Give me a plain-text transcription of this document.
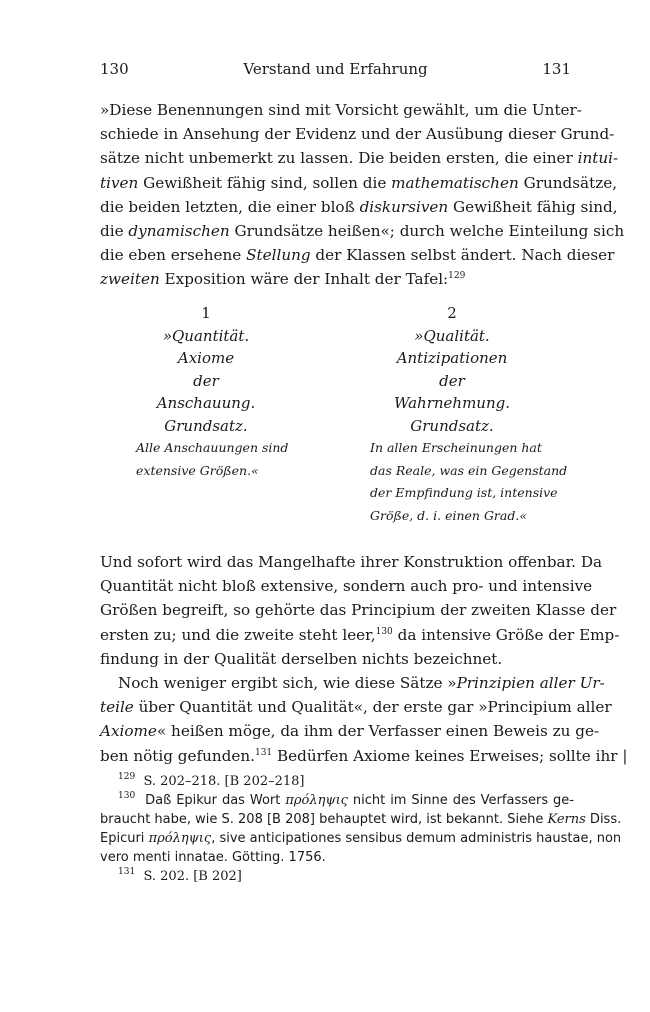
130	Verstand und Erfahrung	131
»Diese Benennungen sind mit Vorsicht gewählt, um die Unter-
schiede in Ansehung der Evidenz und der Ausübung dieser Grund-
sätze nicht unbemerkt zu lassen. Die beiden ersten, die einer intui-
tiven Gewißheit fähig sind, sollen die mathematischen Grundsätze,
die beiden letzten, die einer bloß diskursiven Gewißheit fähig sind,
die dynamischen Grundsätze heißen«; durch welche Einteilung sich
die eben ersehene Stellung der Klassen selbst ändert. Nach dieser
zweiten Exposition wäre der Inhalt der Tafel:$^{129}$
1
»Quantität.
Axiome
der
Anschauung.
Grundsatz.
Alle Anschauungen sind
extensive Größen.«
2
»Qualität.
Antizipationen
der
Wahrnehmung.
Grundsatz.
In allen Erscheinungen hat
das Reale, was ein Gegenstand
der Empfindung ist, intensive
Größe, d. i. einen Grad.«
Und sofort wird das Mangelhafte ihrer Konstruktion offenbar. Da
Quantität nicht bloß extensive, sondern auch pro- und intensive
Größen begreift, so gehörte das Principium der zweiten Klasse der
ersten zu; und die zweite steht leer,$^{130}$ da intensive Größe der Emp-
findung in der Qualität derselben nichts bezeichnet.
Noch weniger ergibt sich, wie diese Sätze »Prinzipien aller Ur-
teile über Quantität und Qualität«, der erste gar »Principium aller
Axiome« heißen möge, da ihm der Verfasser einen Beweis zu ge-
ben nötig gefunden.$^{131}$ Bedürfen Axiome keines Erweises; sollte ihr |
$^{129}$ S. 202–218. [B 202–218]
$^{130}$ Daß Epikur das Wort πρόληψις nicht im Sinne des Verfassers ge-
braucht habe, wie S. 208 [B 208] behauptet wird, ist bekannt. Siehe Kerns Diss.
Epicuri πρόληψις, sive anticipationes sensibus demum administris haustae, non
vero menti innatae. Götting. 1756.
$^{131}$ S. 202. [B 202]
